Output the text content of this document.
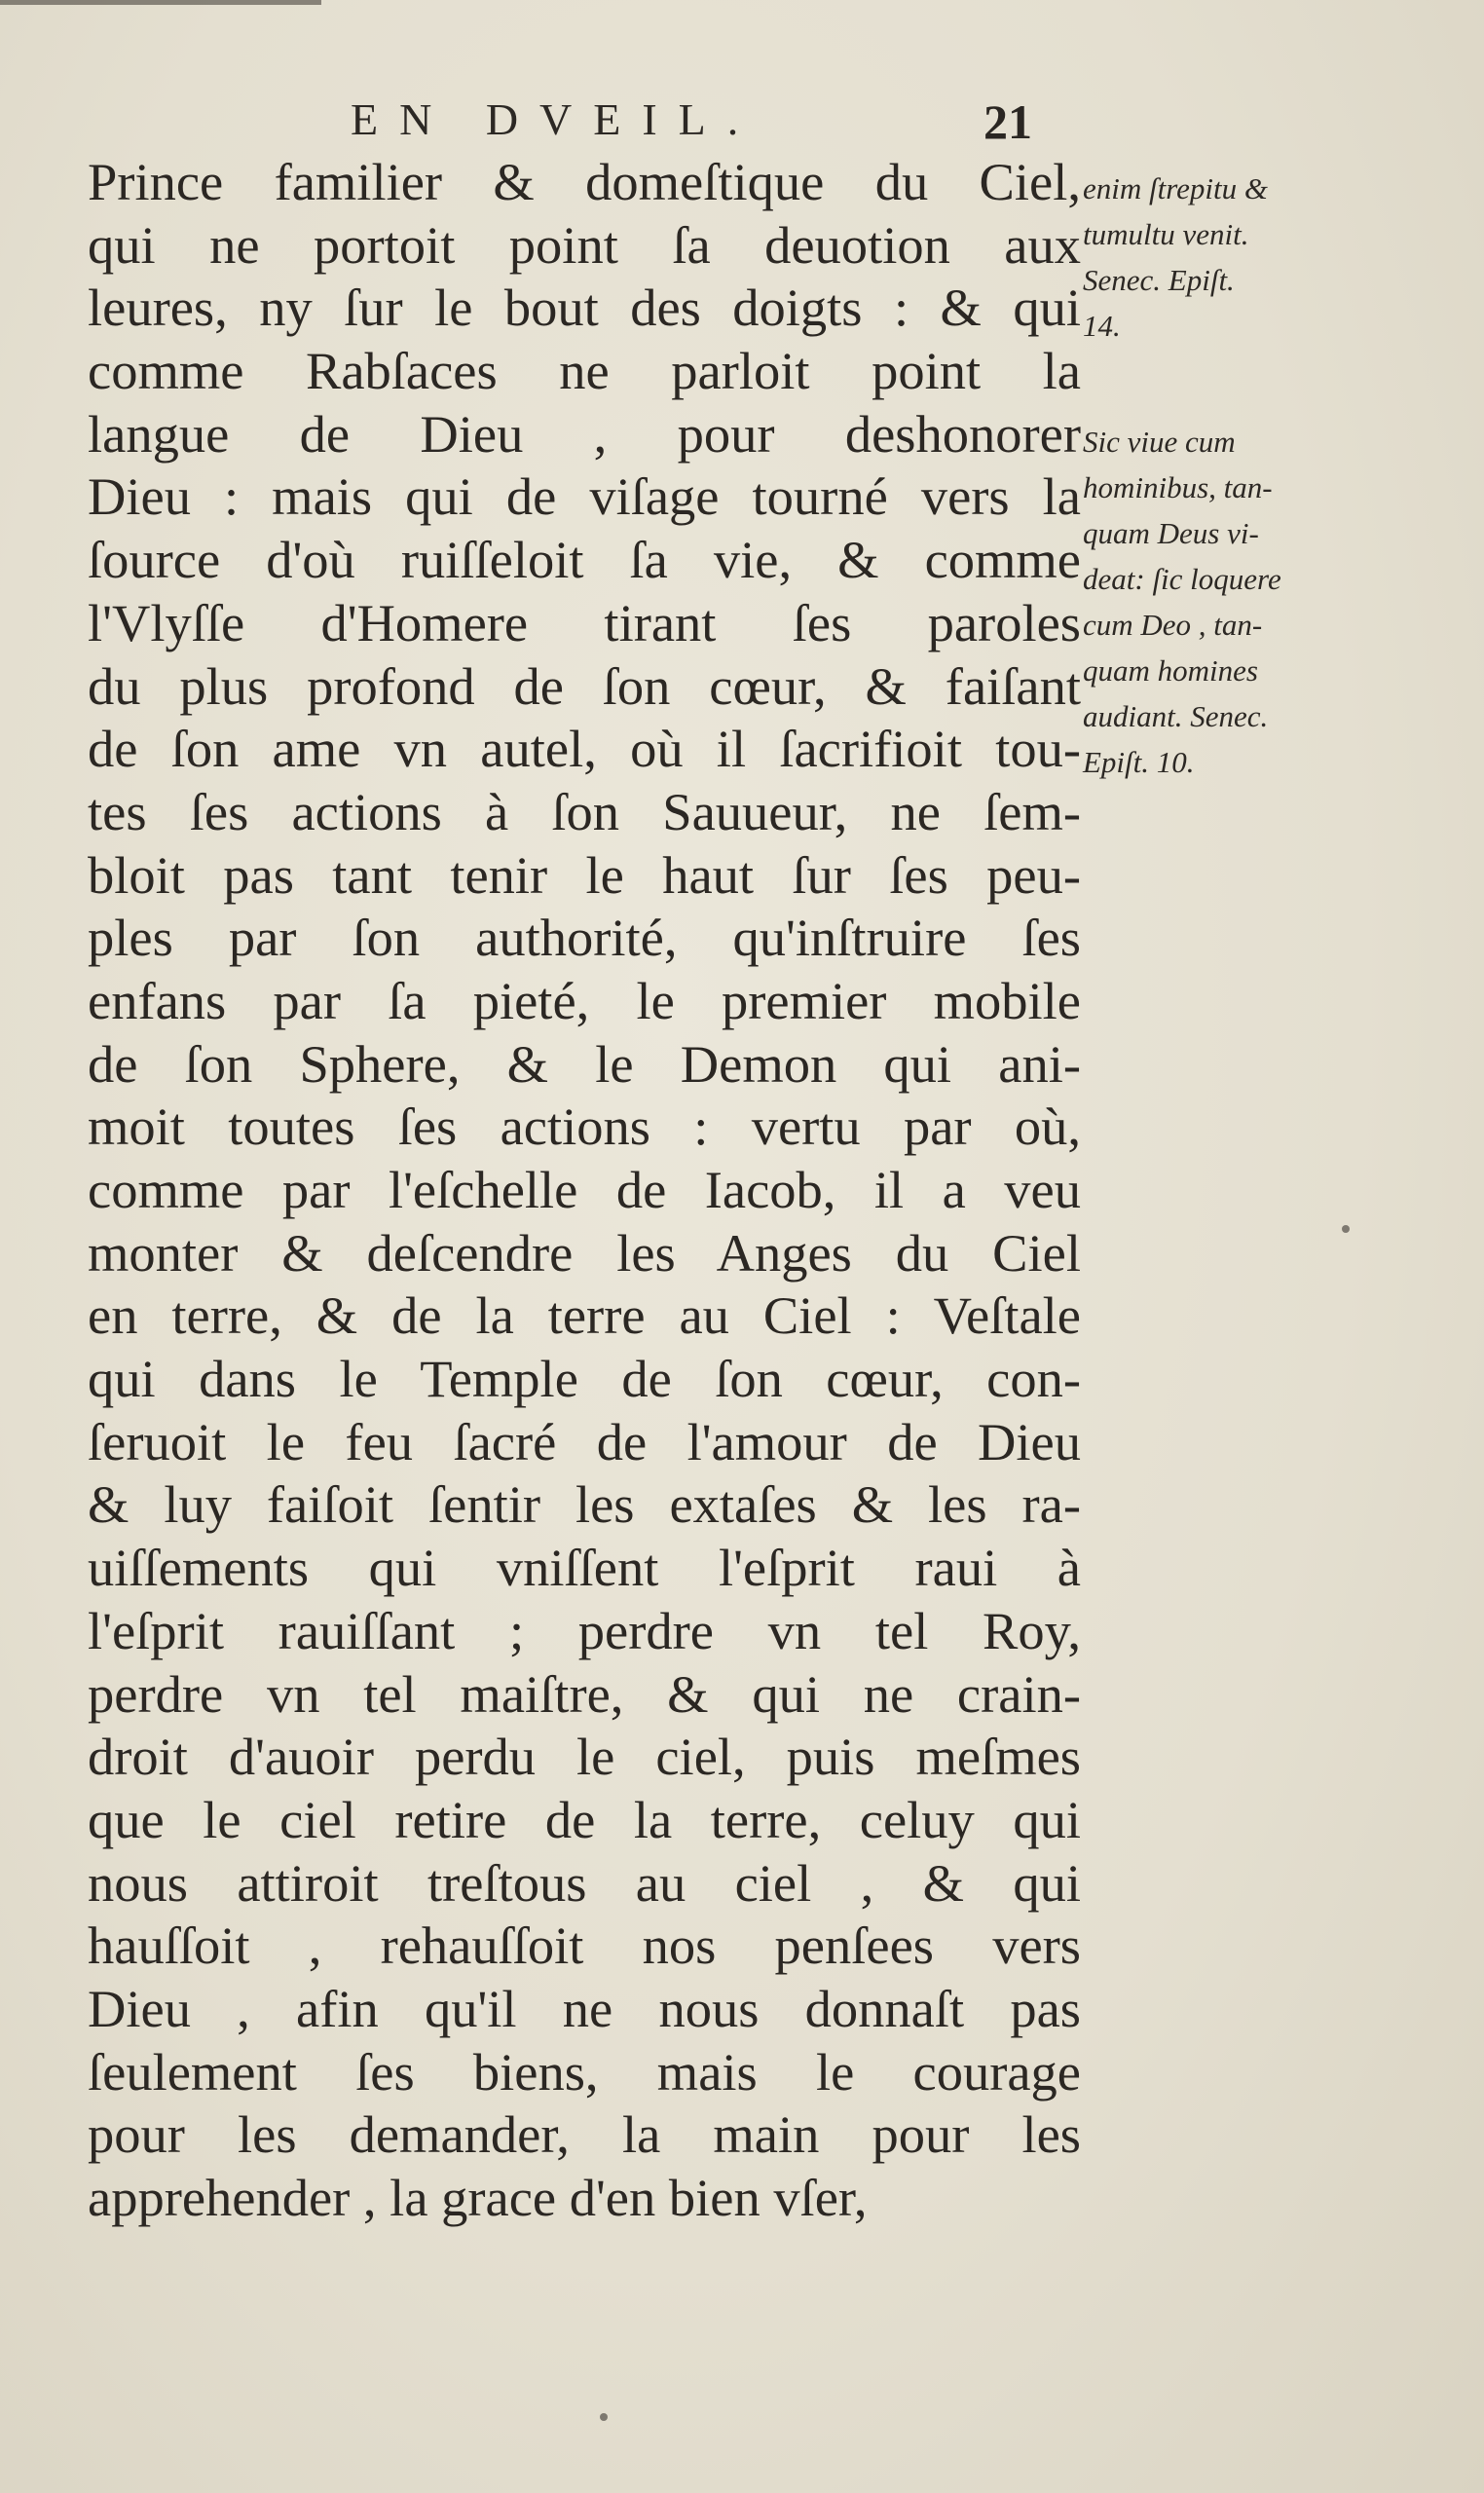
EN DVEIL.	21
Prince familier & domeſtique du Ciel,
qui ne portoit point ſa deuotion aux
leures, ny ſur le bout des doigts : & qui
comme Rabſaces ne parloit point la
langue de Dieu , pour deshonorer
Dieu : mais qui de viſage tourné vers la
ſource d'où ruiſſeloit ſa vie, & comme
l'Vlyſſe d'Homere tirant ſes paroles
du plus profond de ſon cœur, & faiſant
de ſon ame vn autel, où il ſacrifioit tou-
tes ſes actions à ſon Sauueur, ne ſem-
bloit pas tant tenir le haut ſur ſes peu-
ples par ſon authorité, qu'inſtruire ſes
enfans par ſa pieté, le premier mobile
de ſon Sphere, & le Demon qui ani-
moit toutes ſes actions : vertu par où,
comme par l'eſchelle de Iacob, il a veu
monter & deſcendre les Anges du Ciel
en terre, & de la terre au Ciel : Veſtale
qui dans le Temple de ſon cœur, con-
ſeruoit le feu ſacré de l'amour de Dieu
& luy faiſoit ſentir les extaſes & les ra-
uiſſements qui vniſſent l'eſprit raui à
l'eſprit rauiſſant ; perdre vn tel Roy,
perdre vn tel maiſtre, & qui ne crain-
droit d'auoir perdu le ciel, puis meſmes
que le ciel retire de la terre, celuy qui
nous attiroit treſtous au ciel , & qui
hauſſoit , rehauſſoit nos penſees vers
Dieu , afin qu'il ne nous donnaſt pas
ſeulement ſes biens, mais le courage
pour les demander, la main pour les
apprehender , la grace d'en bien vſer,
enim ſtrepitu &
tumultu venit.
Senec. Epiſt.
14.
Sic viue cum
hominibus, tan-
quam Deus vi-
deat: ſic loquere
cum Deo , tan-
quam homines
audiant. Senec.
Epiſt. 10.
